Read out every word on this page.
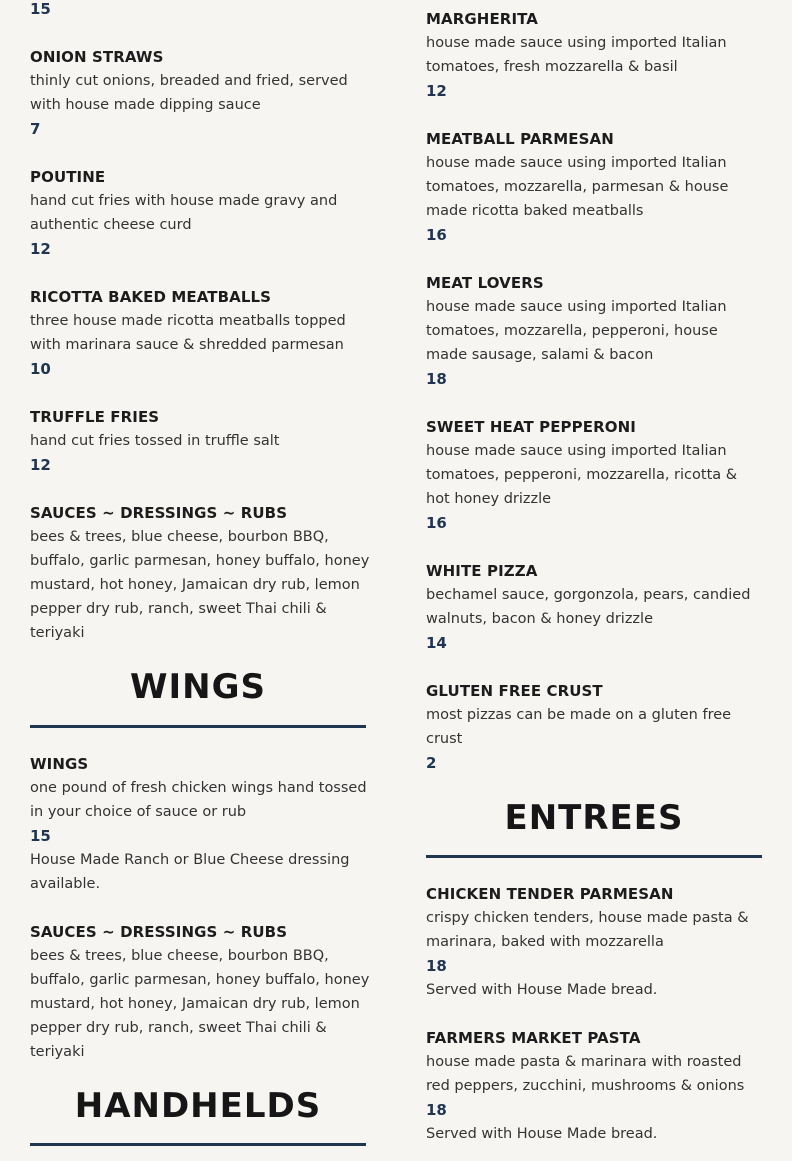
15
ONION STRAWS
thinly cut onions, breaded and fried, served with house made dipping sauce
7
POUTINE
hand cut fries with house made gravy and authentic cheese curd
12
RICOTTA BAKED MEATBALLS
three house made ricotta meatballs topped with marinara sauce & shredded parmesan
10
TRUFFLE FRIES
hand cut fries tossed in truffle salt
12
SAUCES ~ DRESSINGS ~ RUBS
bees & trees, blue cheese, bourbon BBQ, buffalo, garlic parmesan, honey buffalo, honey mustard, hot honey, Jamaican dry rub, lemon pepper dry rub, ranch, sweet Thai chili & teriyaki
WINGS
WINGS
one pound of fresh chicken wings hand tossed in your choice of sauce or rub
15
House Made Ranch or Blue Cheese dressing available.
SAUCES ~ DRESSINGS ~ RUBS
bees & trees, blue cheese, bourbon BBQ, buffalo, garlic parmesan, honey buffalo, honey mustard, hot honey, Jamaican dry rub, lemon pepper dry rub, ranch, sweet Thai chili & teriyaki
HANDHELDS
MARGHERITA
house made sauce using imported Italian tomatoes, fresh mozzarella & basil
12
MEATBALL PARMESAN
house made sauce using imported Italian tomatoes, mozzarella, parmesan & house made ricotta baked meatballs
16
MEAT LOVERS
house made sauce using imported Italian tomatoes, mozzarella, pepperoni, house made sausage, salami & bacon
18
SWEET HEAT PEPPERONI
house made sauce using imported Italian tomatoes, pepperoni, mozzarella, ricotta & hot honey drizzle
16
WHITE PIZZA
bechamel sauce, gorgonzola, pears, candied walnuts, bacon & honey drizzle
14
GLUTEN FREE CRUST
most pizzas can be made on a gluten free crust
2
ENTREES
CHICKEN TENDER PARMESAN
crispy chicken tenders, house made pasta & marinara, baked with mozzarella
18
Served with House Made bread.
FARMERS MARKET PASTA
house made pasta & marinara with roasted red peppers, zucchini, mushrooms & onions
18
Served with House Made bread.
